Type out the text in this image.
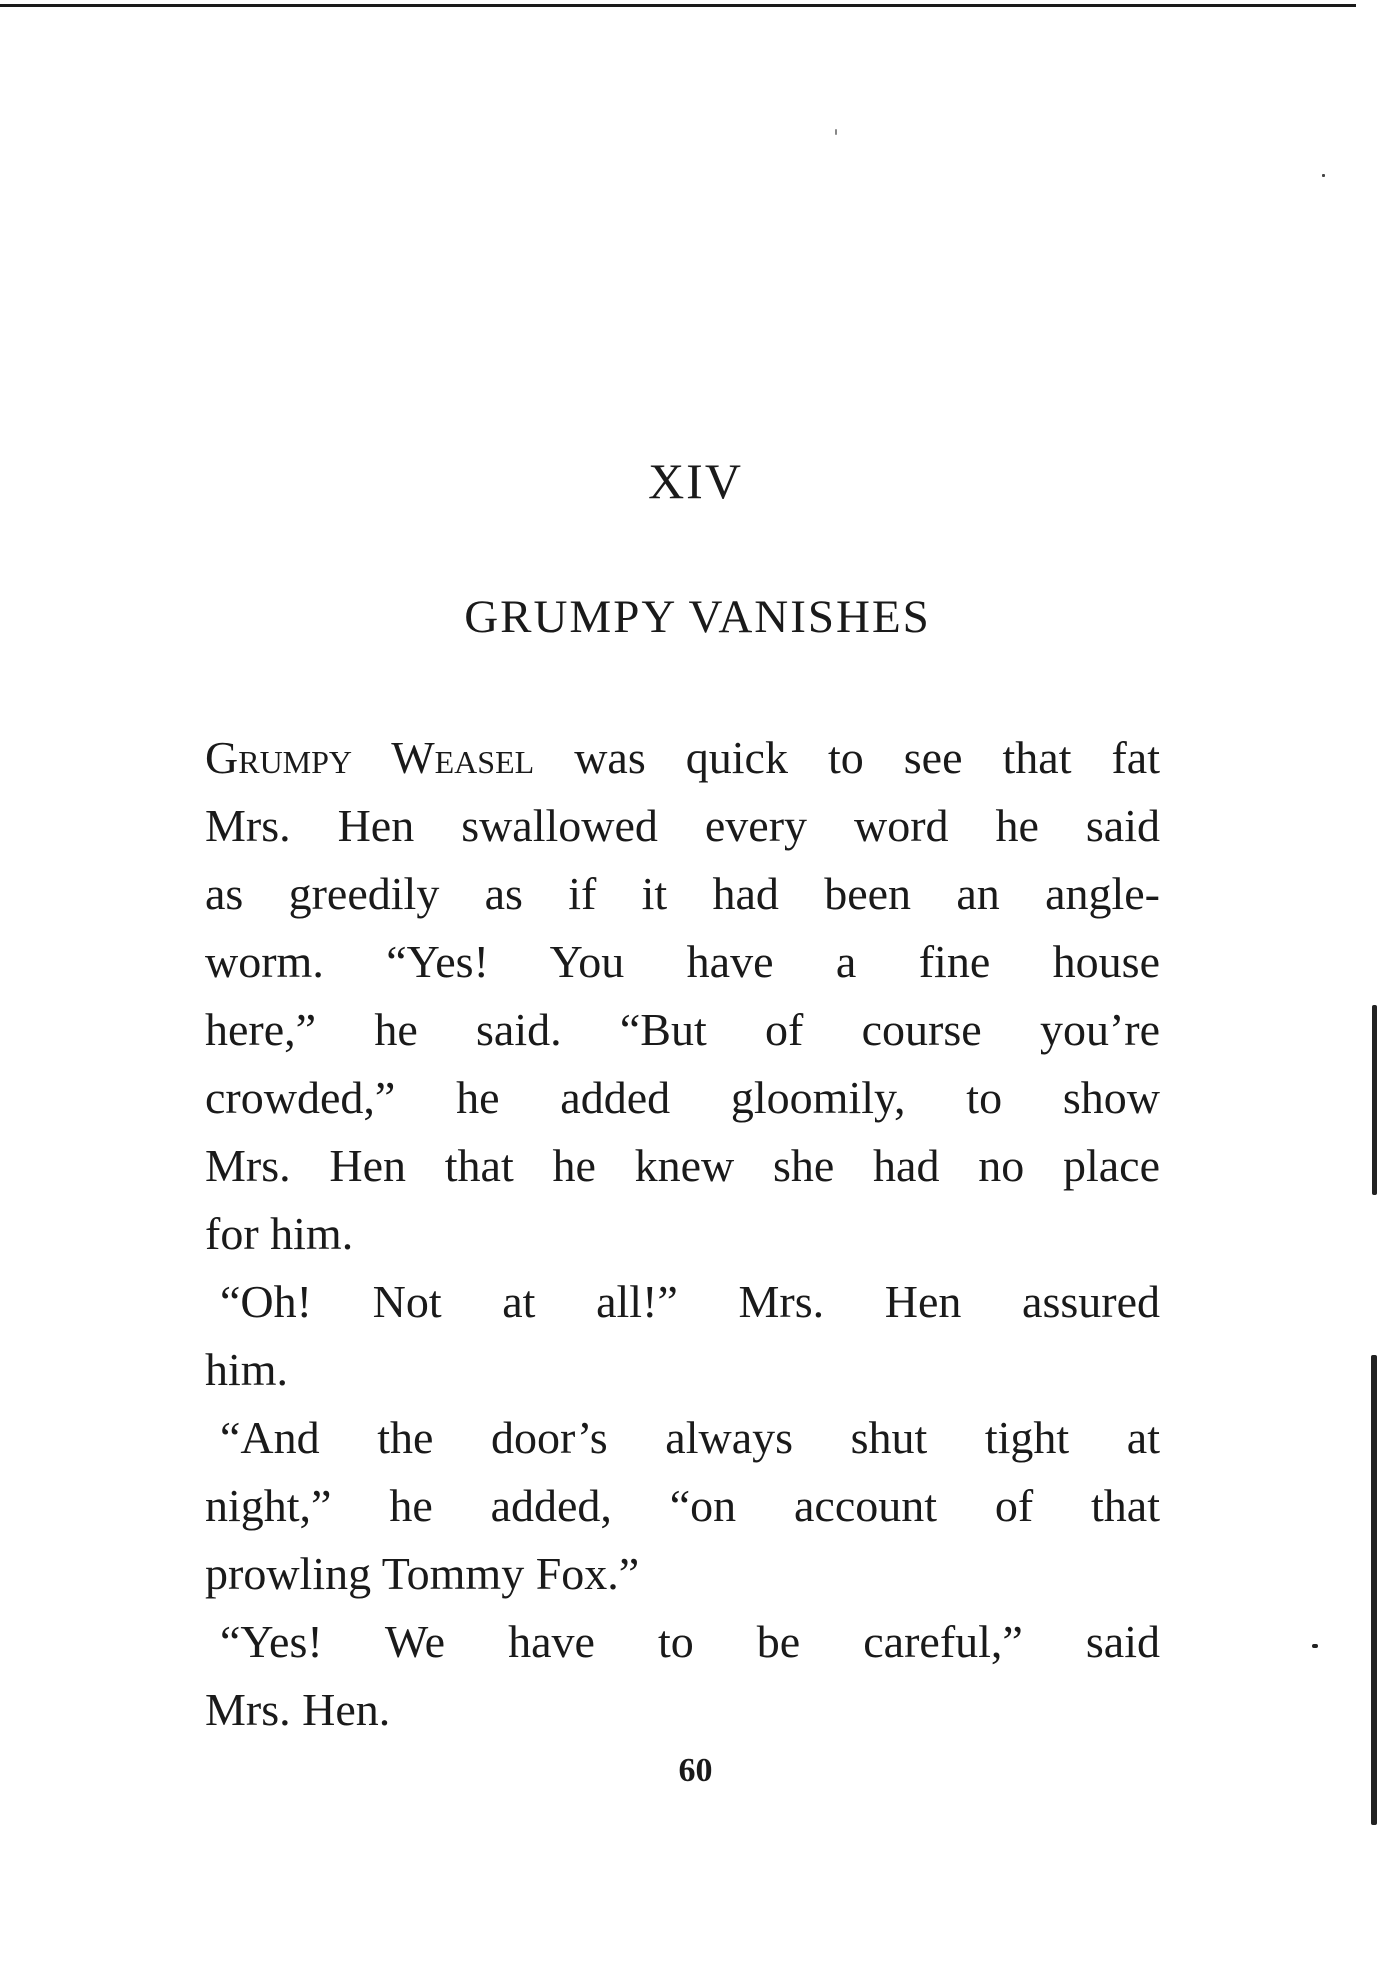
XIV
GRUMPY VANISHES
Grumpy Weasel was quick to see that fat
Mrs. Hen swallowed every word he said
as greedily as if it had been an angle-
worm. “Yes! You have a fine house
here,” he said. “But of course you’re
crowded,” he added gloomily, to show
Mrs. Hen that he knew she had no place
for him.
“Oh! Not at all!” Mrs. Hen assured
him.
“And the door’s always shut tight at
night,” he added, “on account of that
prowling Tommy Fox.”
“Yes! We have to be careful,” said
Mrs. Hen.
60
